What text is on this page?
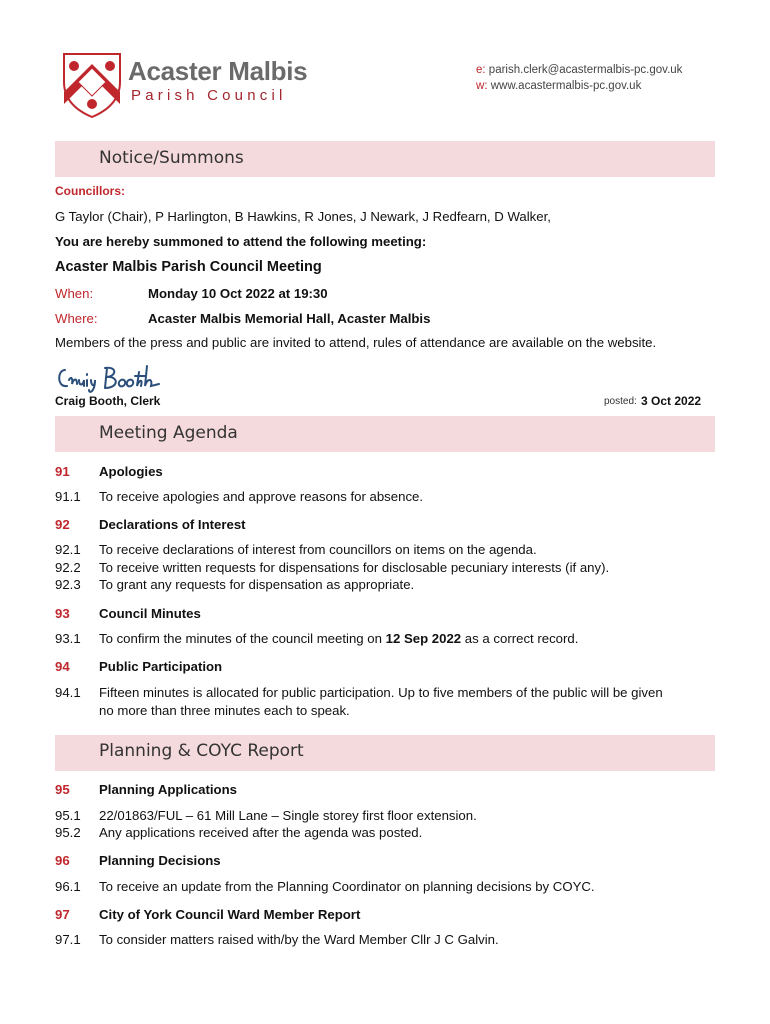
Acaster Malbis
Parish Council
e: parish.clerk@acastermalbis-pc.gov.uk
w: www.acastermalbis-pc.gov.uk
Notice/Summons
Councillors:
G Taylor (Chair), P Harlington, B Hawkins, R Jones, J Newark, J Redfearn, D Walker,
You are hereby summoned to attend the following meeting:
Acaster Malbis Parish Council Meeting
When:	Monday 10 Oct 2022 at 19:30
Where:	Acaster Malbis Memorial Hall, Acaster Malbis
Members of the press and public are invited to attend, rules of attendance are available on the website.
Craig Booth, Clerk	posted: 3 Oct 2022
Meeting Agenda
91 Apologies
91.1 To receive apologies and approve reasons for absence.
92 Declarations of Interest
92.1 To receive declarations of interest from councillors on items on the agenda.
92.2 To receive written requests for dispensations for disclosable pecuniary interests (if any).
92.3 To grant any requests for dispensation as appropriate.
93 Council Minutes
93.1 To confirm the minutes of the council meeting on 12 Sep 2022 as a correct record.
94 Public Participation
94.1 Fifteen minutes is allocated for public participation. Up to five members of the public will be given
no more than three minutes each to speak.
Planning & COYC Report
95 Planning Applications
95.1 22/01863/FUL – 61 Mill Lane – Single storey first floor extension.
95.2 Any applications received after the agenda was posted.
96 Planning Decisions
96.1 To receive an update from the Planning Coordinator on planning decisions by COYC.
97 City of York Council Ward Member Report
97.1 To consider matters raised with/by the Ward Member Cllr J C Galvin.
